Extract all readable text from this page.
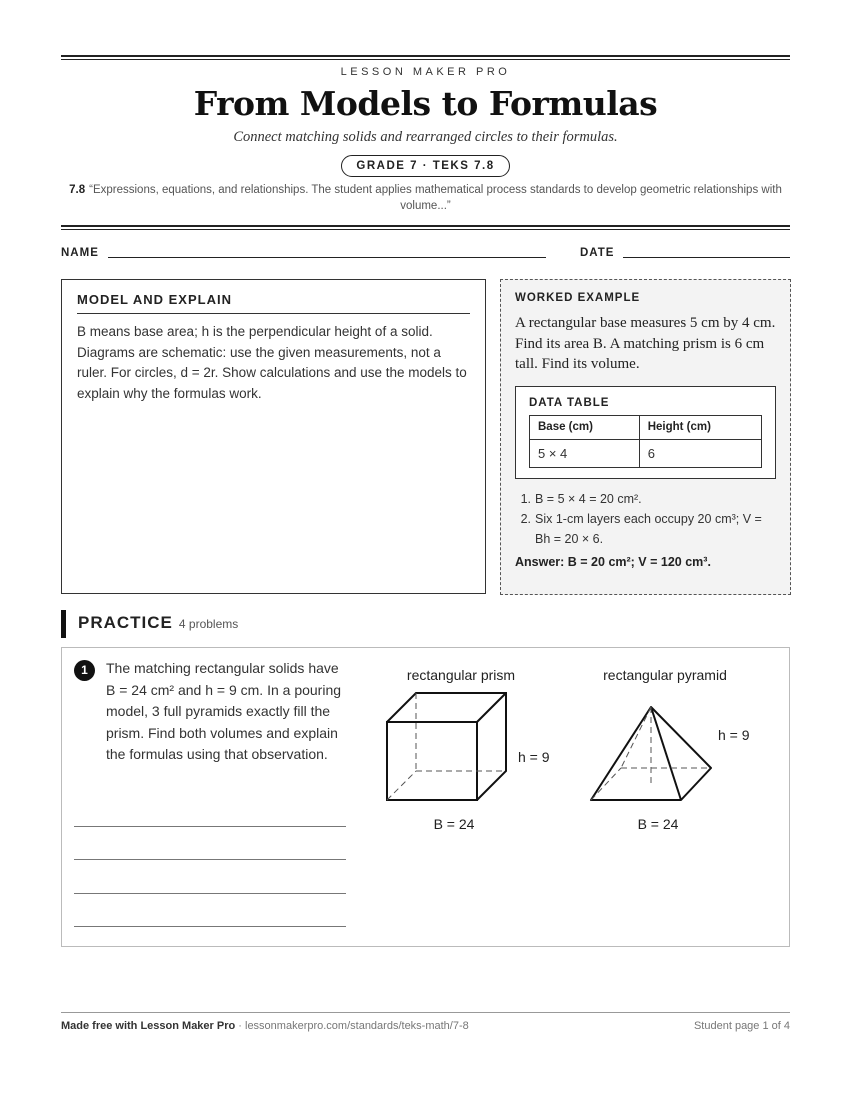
LESSON MAKER PRO
From Models to Formulas
Connect matching solids and rearranged circles to their formulas.
GRADE 7 · TEKS 7.8
7.8 “Expressions, equations, and relationships. The student applies mathematical process standards to develop geometric relationships with volume...”
NAME	DATE
MODEL AND EXPLAIN
B means base area; h is the perpendicular height of a solid. Diagrams are schematic: use the given measurements, not a ruler. For circles, d = 2r. Show calculations and use the models to explain why the formulas work.
WORKED EXAMPLE
A rectangular base measures 5 cm by 4 cm. Find its area B. A matching prism is 6 cm tall. Find its volume.
DATA TABLE
Base (cm)	Height (cm)
5 × 4	6
1. B = 5 × 4 = 20 cm².
2. Six 1-cm layers each occupy 20 cm³; V = Bh = 20 × 6.
Answer: B = 20 cm²; V = 120 cm³.
PRACTICE 4 problems
1	The matching rectangular solids have B = 24 cm² and h = 9 cm. In a pouring model, 3 full pyramids exactly fill the prism. Find both volumes and explain the formulas using that observation.
rectangular prism
h = 9
B = 24
rectangular pyramid
h = 9
B = 24
Made free with Lesson Maker Pro · lessonmakerpro.com/standards/teks-math/7-8	Student page 1 of 4
